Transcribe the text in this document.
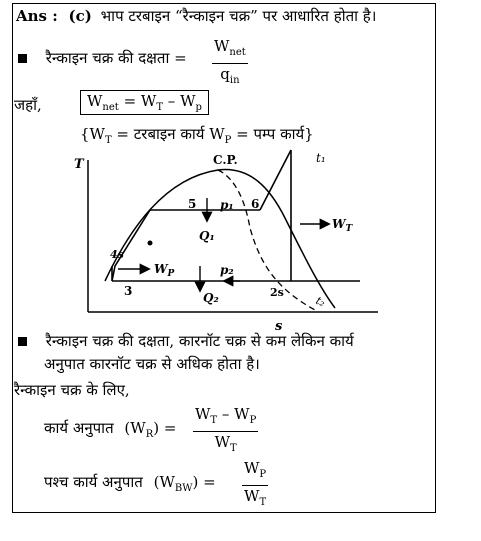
Ans : (c) भाप टरबाइन “रैन्काइन चक्र” पर आधारित होता है।
रैन्काइन चक्र की दक्षता =
$W_{net}$
$q_{in}$
जहाँ,	$W_{net} = W_T - W_p$
{$W_T$ = टरबाइन कार्य $W_P$ = पम्प कार्य}
T
s
C.P.	t₁
5	6
p₁
Q₁
$W_T$
4s
$W_P$	p₂
3	Q₂	2s
t₂
रैन्काइन चक्र की दक्षता, कारनॉट चक्र से कम लेकिन कार्य
अनुपात कारनॉट चक्र से अधिक होता है।
रैन्काइन चक्र के लिए,
कार्य अनुपात $(W_R)$ =
$W_T - W_P$
$W_T$
पश्च कार्य अनुपात $(W_{BW})$ =
$W_P$
$W_T$
